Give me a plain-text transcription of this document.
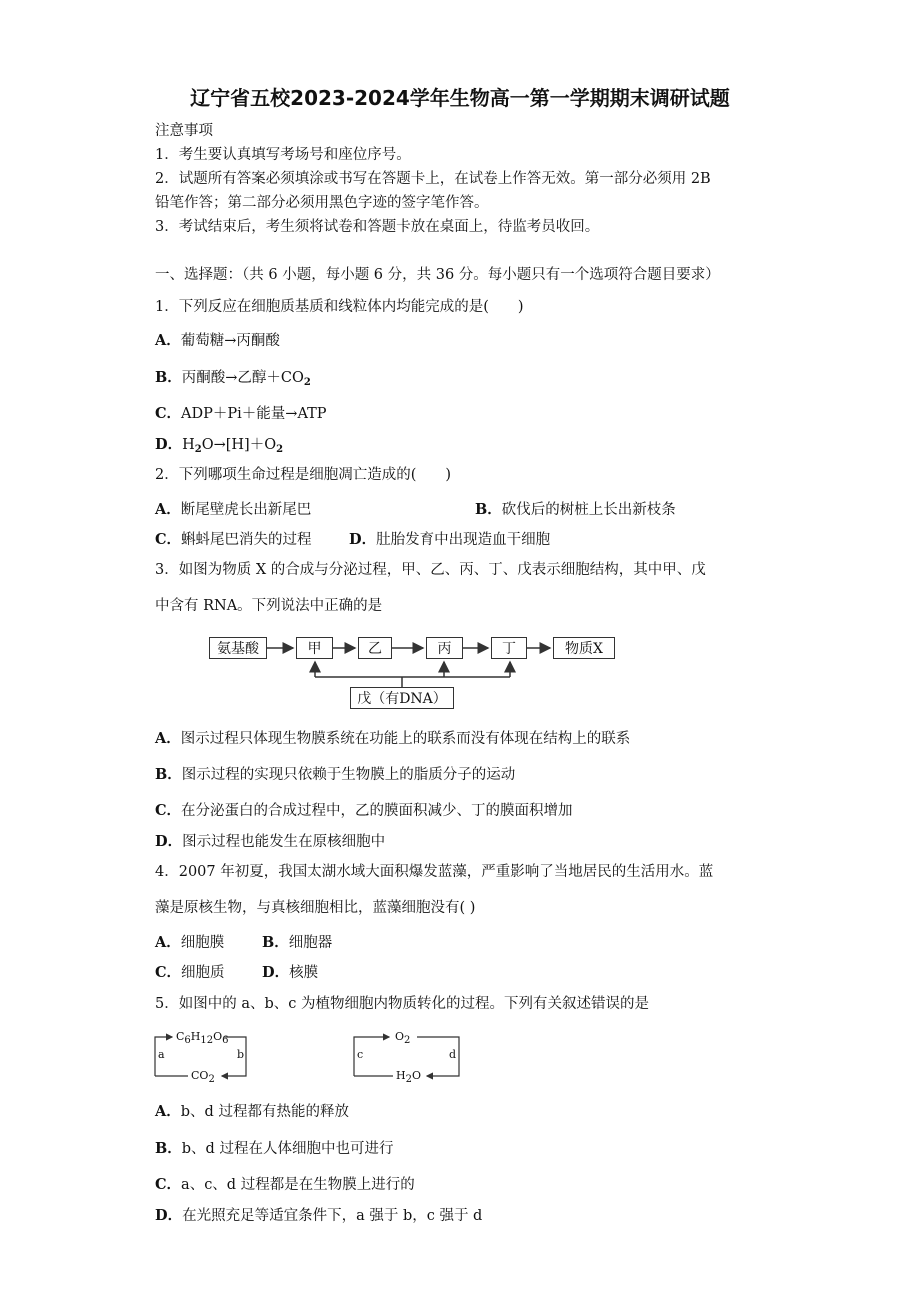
辽宁省五校2023-2024学年生物高一第一学期期末调研试题
注意事项
1．考生要认真填写考场号和座位序号。
2．试题所有答案必须填涂或书写在答题卡上，在试卷上作答无效。第一部分必须用 2B
铅笔作答；第二部分必须用黑色字迹的签字笔作答。
3．考试结束后，考生须将试卷和答题卡放在桌面上，待监考员收回。
一、选择题：（共 6 小题，每小题 6 分，共 36 分。每小题只有一个选项符合题目要求）
1．下列反应在细胞质基质和线粒体内均能完成的是(　　)
A．葡萄糖→丙酮酸
B．丙酮酸→乙醇$+CO_2$
C．ADP＋Pi＋能量→ATP
D．$H_2O\to[H]+O_2$
2．下列哪项生命过程是细胞凋亡造成的(　　)
A．断尾壁虎长出新尾巴	B．砍伐后的树桩上长出新枝条
C．蝌蚪尾巴消失的过程	D．肚胎发育中出现造血干细胞
3．如图为物质 X 的合成与分泌过程，甲、乙、丙、丁、戊表示细胞结构，其中甲、戊
中含有 RNA。下列说法中正确的是
氨基酸	甲	乙	丙	丁	物质X
戊（有DNA）
A．图示过程只体现生物膜系统在功能上的联系而没有体现在结构上的联系
B．图示过程的实现只依赖于生物膜上的脂质分子的运动
C．在分泌蛋白的合成过程中，乙的膜面积减少、丁的膜面积增加
D．图示过程也能发生在原核细胞中
4．2007 年初夏，我国太湖水域大面积爆发蓝藻，严重影响了当地居民的生活用水。蓝
藻是原核生物，与真核细胞相比，蓝藻细胞没有( )
A．细胞膜	B．细胞器
C．细胞质	D．核膜
5．如图中的 a、b、c 为植物细胞内物质转化的过程。下列有关叙述错误的是
$C_6H_{12}O_6$
$CO_2$
a	b
$O_2$
$H_2O$
c	d
A．b、d 过程都有热能的释放
B．b、d 过程在人体细胞中也可进行
C．a、c、d 过程都是在生物膜上进行的
D．在光照充足等适宜条件下，a 强于 b，c 强于 d
